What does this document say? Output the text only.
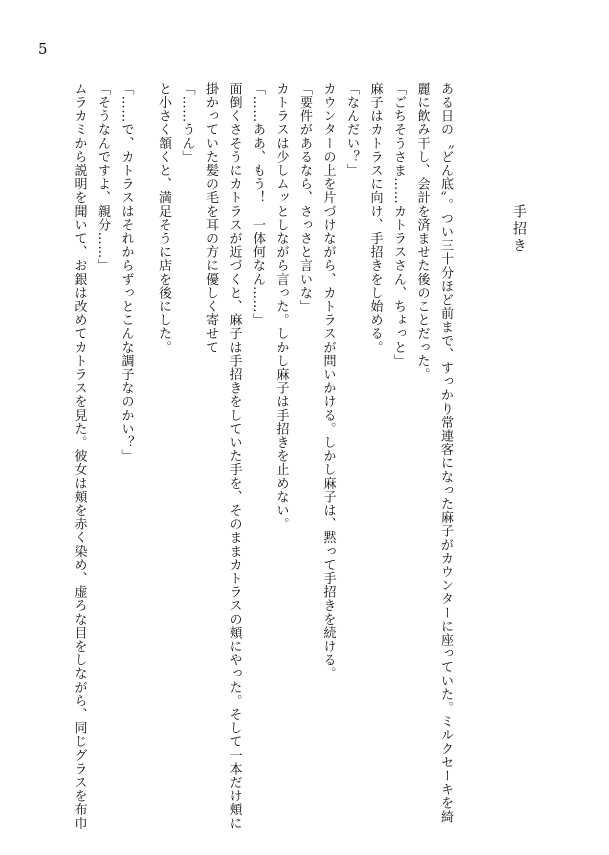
5
手招き
ある日の〝どん底〟。つい三十分ほど前まで、すっかり常連客になった麻子がカウンターに座っていた。ミルクセーキを綺
麗に飲み干し、会計を済ませた後のことだった。
「ごちそうさま……カトラスさん、ちょっと」
麻子はカトラスに向け、手招きをし始める。
「なんだい？」
カウンターの上を片づけながら、カトラスが問いかける。しかし麻子は、黙って手招きを続ける。
「要件があるなら、さっさと言いな」
カトラスは少しムッとしながら言った。しかし麻子は手招きを止めない。
「……ああ、もう！　一体何なん……」
面倒くさそうにカトラスが近づくと、麻子は手招きをしていた手を、そのままカトラスの頬にやった。そして一本だけ頬に
掛かっていた髪の毛を耳の方に優しく寄せて
「……うん」
と小さく頷くと、満足そうに店を後にした。
「……で、カトラスはそれからずっとこんな調子なのかい？」
「そうなんですよ、親分……」
ムラカミから説明を聞いて、お銀は改めてカトラスを見た。彼女は頬を赤く染め、虚ろな目をしながら、同じグラスを布巾
